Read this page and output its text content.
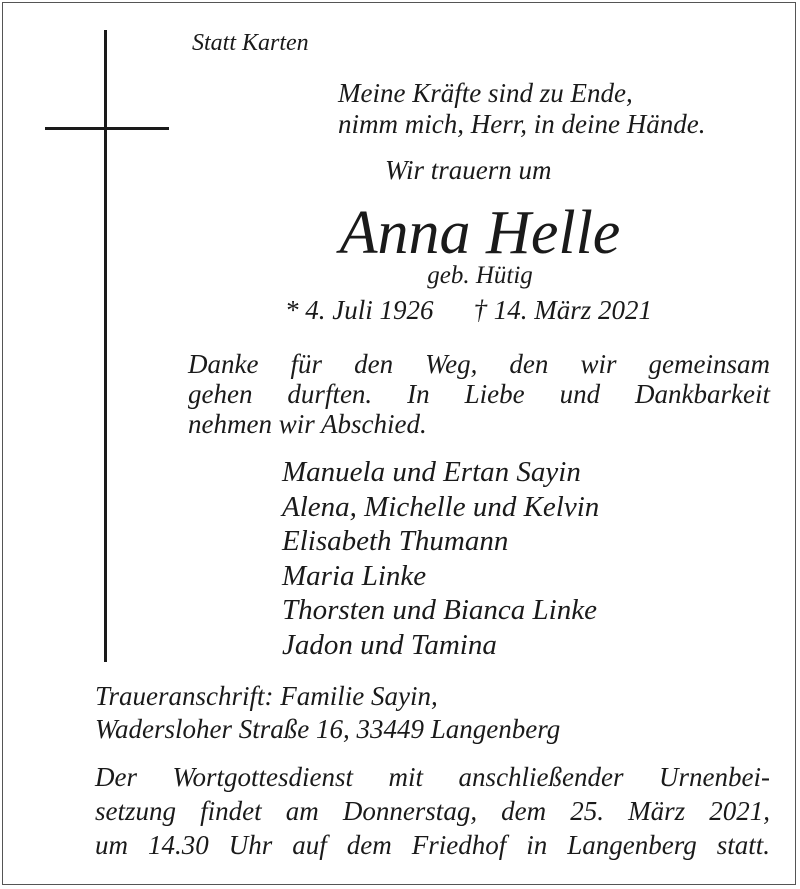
Statt Karten

Meine Kräfte sind zu Ende,
nimm mich, Herr, in deine Hände.

Wir trauern um

Anna Helle

geb. Hütig

* 4. Juli 1926 † 14. März 2021

Danke für den Weg, den wir gemeinsam
gehen durften. In Liebe und Dankbarkeit
nehmen wir Abschied.
Manuela und Ertan Sayin
Alena, Michelle und Kelvin
Elisabeth Thumann
Maria Linke
Thorsten und Bianca Linke
Jadon und Tamina
Traueranschrift: Familie Sayin,
Wadersloher Straße 16, 33449 Langenberg
Der Wortgottesdienst mit anschließender Urnenbei-
setzung findet am Donnerstag, dem 25. März 2021,
um 14.30 Uhr auf dem Friedhof in Langenberg statt.
